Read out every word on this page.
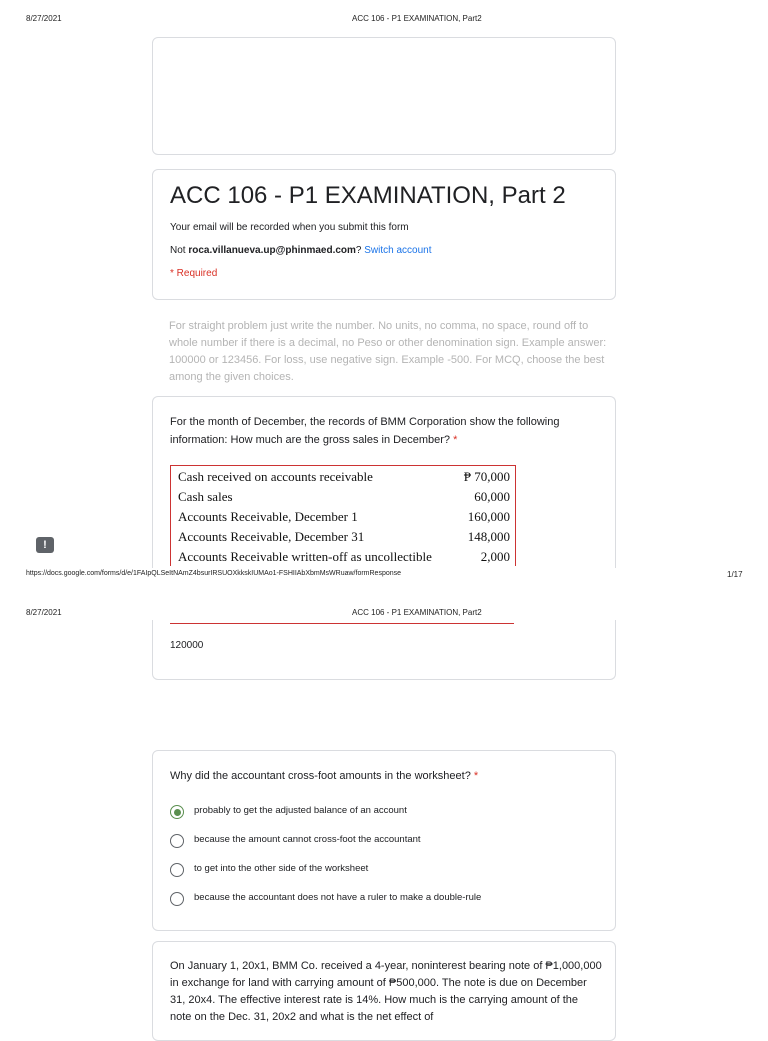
8/27/2021	ACC 106 - P1 EXAMINATION, Part2
ACC 106 - P1 EXAMINATION, Part 2
Your email will be recorded when you submit this form
Not roca.villanueva.up@phinmaed.com? Switch account
* Required
For straight problem just write the number. No units, no comma, no space, round off to whole number if there is a decimal, no Peso or other denomination sign. Example answer: 100000 or 123456. For loss, use negative sign. Example -500. For MCQ, choose the best among the given choices.
For the month of December, the records of BMM Corporation show the following information: How much are the gross sales in December? *
Cash received on accounts receivable	₱ 70,000
Cash sales	60,000
Accounts Receivable, December 1	160,000
Accounts Receivable, December 31	148,000
Accounts Receivable written-off as uncollectible	2,000
!
https://docs.google.com/forms/d/e/1FAIpQLSeItNAmZ4bsurIRSUOXkkskIUMAo1-FSHIIAbXbmMsWRuaw/formResponse	1/17
8/27/2021	ACC 106 - P1 EXAMINATION, Part2
120000
Why did the accountant cross-foot amounts in the worksheet? *
probably to get the adjusted balance of an account
because the amount cannot cross-foot the accountant
to get into the other side of the worksheet
because the accountant does not have a ruler to make a double-rule
On January 1, 20x1, BMM Co. received a 4-year, noninterest bearing note of ₱1,000,000 in exchange for land with carrying amount of ₱500,000. The note is due on December 31, 20x4. The effective interest rate is 14%. How much is the carrying amount of the note on the Dec. 31, 20x2 and what is the net effect of
